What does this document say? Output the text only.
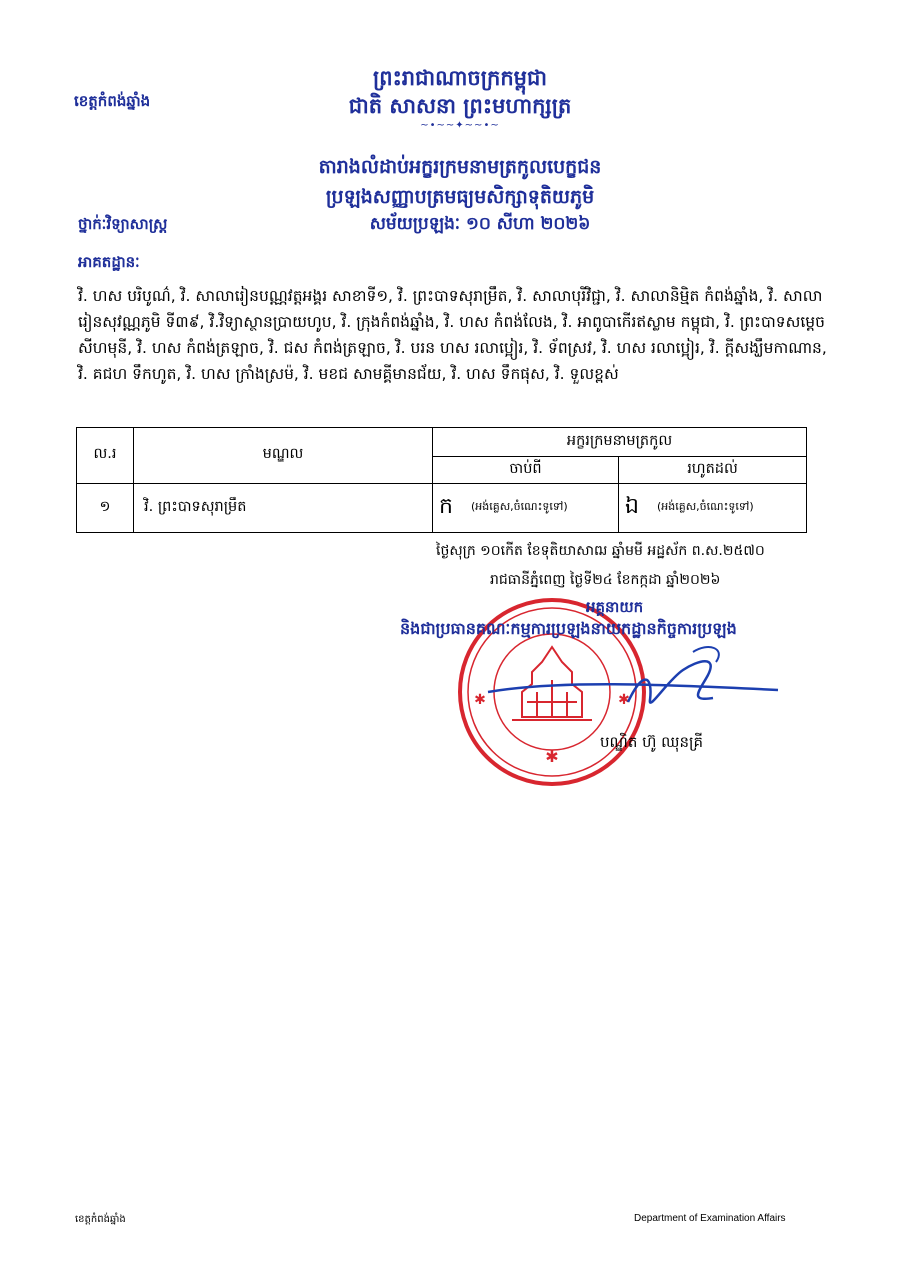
ខេត្តកំពង់ឆ្នាំង
ព្រះរាជាណាចក្រកម្ពុជា
ជាតិ សាសនា ព្រះមហាក្សត្រ
~•~~✦~~•~
តារាងលំដាប់អក្ខរក្រមនាមត្រកូលបេក្ខជន
ប្រឡងសញ្ញាបត្រមធ្យមសិក្សាទុតិយភូមិ
ថ្នាក់ៈវិទ្យាសាស្ត្រ	សម័យប្រឡងៈ ១០ សីហា ២០២៦
អាគតដ្ឋានៈ
វិ. ហស បរិបូណ៌, វិ. សាលារៀនបណ្ណវត្តអង្គរ សាខាទី១, វិ. ព្រះបាទសុរាម្រឹត, វិ. សាលាបុរីវិជ្ជា, វិ. សាលានិមិ្មត កំពង់ឆ្នាំង, វិ. សាលារៀនសុវណ្ណភូមិ ទី៣៩, វិ.វិទ្យាស្ថានប្រាយហូប, វិ. ក្រុងកំពង់ឆ្នាំង, វិ. ហស កំពង់លែង, វិ. អាពូបាកើរឥស្លាម កម្ពុជា, វិ. ព្រះបាទសម្តេចសីហមុនី, វិ. ហស កំពង់ត្រឡាច, វិ. ជស កំពង់ត្រឡាច, វិ. បរន ហស រលាប្អៀរ, វិ. ទ័ពស្រវ, វិ. ហស រលាប្អៀរ, វិ. ក្តីសង្ឃឹមកាណាន, វិ. គជហ ទឹកហូត, វិ. ហស ក្រាំងស្រម៉, វិ. មខជ សាមគ្គីមានជ័យ, វិ. ហស ទឹកផុស, វិ. ទួលខ្ពស់
ល.រ	មណ្ឌល	អក្ខរក្រមនាមត្រកូល	
		ចាប់ពី	រហូតដល់
១	វិ. ព្រះបាទសុរាម្រឹត	ក (អង់គ្លេស,ចំណេះទូទៅ)	ឯ (អង់គ្លេស,ចំណេះទូទៅ)
ថ្ងៃសុក្រ ១០កើត ខែទុតិយាសាឍ ឆ្នាំមមី អដ្ឋស័ក ព.ស.២៥៧០
រាជធានីភ្នំពេញ ថ្ងៃទី២៤ ខែកក្កដា ឆ្នាំ២០២៦
✱
✱	✱
អគ្គនាយក
និងជាប្រធានគណៈកម្មការប្រឡងនាយកដ្ឋានកិច្ចការប្រឡង
បណ្ឌិត ហ៊ូ ឈុនគ្រី
ខេត្តកំពង់ឆ្នាំង	Department of Examination Affairs
